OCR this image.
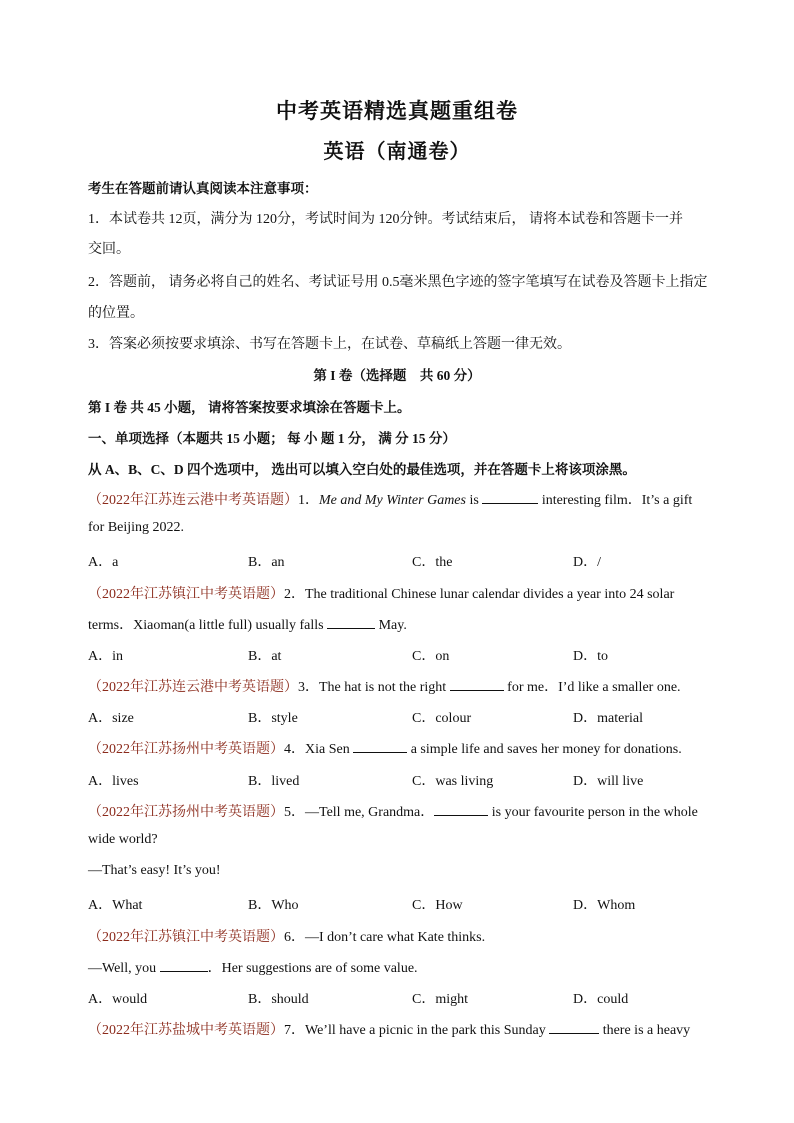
中考英语精选真题重组卷
英语（南通卷）
考生在答题前请认真阅读本注意事项：
1．本试卷共 12页，满分为 120分，考试时间为 120分钟。考试结束后， 请将本试卷和答题卡一并
交回。
2．答题前， 请务必将自己的姓名、考试证号用 0.5毫米黑色字迹的签字笔填写在试卷及答题卡上指定
的位置。
3．答案必须按要求填涂、书写在答题卡上，在试卷、草稿纸上答题一律无效。
第 I 卷（选择题　共 60 分）
第 I 卷 共 45 小题， 请将答案按要求填涂在答题卡上。
一、单项选择（本题共 15 小题； 每 小 题 1 分， 满 分 15 分）
从 A、B、C、D 四个选项中， 选出可以填入空白处的最佳选项，并在答题卡上将该项涂黑。
（2022年江苏连云港中考英语题）1．Me and My Winter Games is	interesting film．It’s a gift
for Beijing 2022.
A．a	B．an	C．the	D．/
（2022年江苏镇江中考英语题）2．The traditional Chinese lunar calendar divides a year into 24 solar
terms．Xiaoman(a little full) usually falls	May.
A．in	B．at	C．on	D．to
（2022年江苏连云港中考英语题）3．The hat is not the right	for me．I’d like a smaller one.
A．size	B．style	C．colour	D．material
（2022年江苏扬州中考英语题）4．Xia Sen	a simple life and saves her money for donations.
A．lives	B．lived	C．was living	D．will live
（2022年江苏扬州中考英语题）5．—Tell me, Grandma．	is your favourite person in the whole
wide world?
—That’s easy! It’s you!
A．What	B．Who	C．How	D．Whom
（2022年江苏镇江中考英语题）6．—I don’t care what Kate thinks.
—Well, you	．Her suggestions are of some value.
A．would	B．should	C．might	D．could
（2022年江苏盐城中考英语题）7．We’ll have a picnic in the park this Sunday	there is a heavy
